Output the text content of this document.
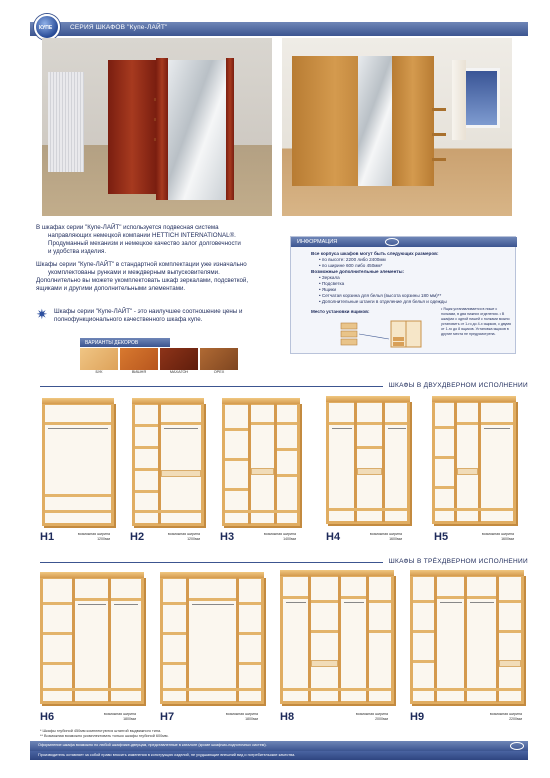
СЕРИЯ ШКАФОВ "Купе-ЛАЙТ"
КУПЕ

В шкафах серии "Купе-ЛАЙТ" используется подвесная система
направляющих немецкой компании HETTICH INTERNATIONAL®.
Продуманный механизм и немецкое качество залог долговечности
и удобства изделия.

Шкафы серии "Купе-ЛАЙТ" в стандартной комплектации уже изначально
укомплектованы рунками и междверным выпусковителями.
Дополнительно вы можете укомплектовать шкаф зеркалами, подсветкой,
ящиками и другими дополнительными элементами.

✷	Шкафы серии "Купе-ЛАЙТ" - это наилучшее соотношение цены и
полнофункционального качественного шкафа купе.

ВАРИАНТЫ ДЕКОРОВ
БУК	ВИШНЯ	МАХАГОН	ОРЕХ
ИНФОРМАЦИЯ
Все корпуса шкафов могут быть следующих размеров:
• по высоте: 2200 либо 2400мм
• по ширине 600 либо 450мм*
Возможные дополнительные элементы:
• Зеркала
• Подсветка
• Ящики
• Сетчатая корзина для белья (высота корзины 180 мм)**
• Дополнительные штанги в отделение для белья и одежды
Место установки ящиков:	• Ящик устанавливается в нише с полками, в два нижних отделения. • В шкафах с одной нишей с полками можно установить от 1-го до 4-х ящиков, с двумя от 1-го до 8 ящиков. Установка ящиков в другие места не предусмотрена.
ШКАФЫ В ДВУХДВЕРНОМ ИСПОЛНЕНИИ
H1	возможная ширина
1200мм H2	возможная ширина
1200мм H3	возможная ширина
1400мм	H4	возможная ширина
1600мм	H5	возможная ширина
1600мм
ШКАФЫ В ТРЁХДВЕРНОМ ИСПОЛНЕНИИ
H6	возможная ширина
1800мм H7	возможная ширина
1800мм H8	возможная ширина
2000мм H9	возможная ширина
2200мм
* Шкафы глубиной 450мм комплектуются штангой выдвижного типа.
** Возможная возможно укомплектовать только шкафы глубиной 600мм.
Оформление шкафа возможно по любой шкафчике-дверцам, представленные в каталоге (кроме шкафчик-подпоточных систем).
Производитель оставляет за собой право вносить изменения в конструкцию изделий, не ухудшающие внешний вид и потребительские качества.
